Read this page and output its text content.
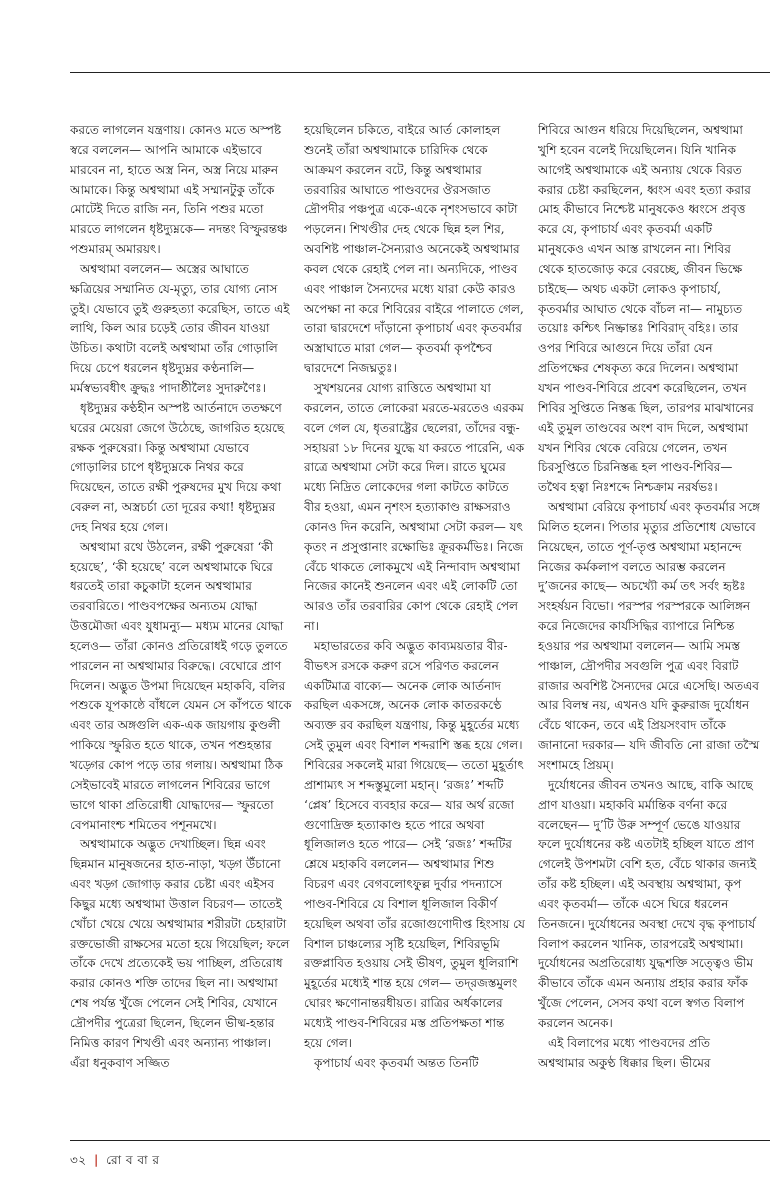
করতে লাগলেন যন্ত্রণায়। কোনও মতে অস্পষ্ট স্বরে বললেন— আপনি আমাকে এইভাবে মারবেন না, হাতে অস্ত্র নিন, অস্ত্র নিয়ে মারুন আমাকে। কিন্তু অশ্বত্থামা এই সম্মানটুকু তাঁকে মোটেই দিতে রাজি নন, তিনি পশুর মতো মারতে লাগলেন ধৃষ্টদ্যুম্নকে— নদন্তং বিস্ফুরন্তঞ্চ পশুমারম্ অমারয়ৎ।

অশ্বত্থামা বললেন— অস্ত্রের আঘাতে ক্ষত্রিয়ের সম্মানিত যে-মৃত্যু, তার যোগ্য নোস তুই। যেভাবে তুই গুরুহত্যা করেছিস, তাতে এই লাথি, কিল আর চড়েই তোর জীবন যাওয়া উচিত। কথাটা বলেই অশ্বত্থামা তাঁর গোড়ালি দিয়ে চেপে ধরলেন ধৃষ্টদ্যুম্নর কণ্ঠনালি—মর্মস্বভ্যবধীৎ ক্রুদ্ধঃ পাদাষ্ঠীলৈঃ সুদারুণৈঃ।

ধৃষ্টদ্যুম্নর কণ্ঠহীন অস্পষ্ট আর্তনাদে ততক্ষণে ঘরের মেয়েরা জেগে উঠেছে, জাগরিত হয়েছে রক্ষক পুরুষেরা। কিন্তু অশ্বত্থামা যেভাবে গোড়ালির চাপে ধৃষ্টদ্যুম্নকে নিথর করে দিয়েছেন, তাতে রক্ষী পুরুষদের মুখ দিয়ে কথা বেরুল না, অস্ত্রচর্চা তো দূরের কথা! ধৃষ্টদ্যুম্নর দেহ নিথর হয়ে গেল।

অশ্বত্থামা রথে উঠলেন, রক্ষী পুরুষেরা ‘কী হয়েছে’, ‘কী হয়েছে’ বলে অশ্বত্থামাকে ঘিরে ধরতেই তারা কচুকাটা হলেন অশ্বত্থামার তরবারিতে। পাণ্ডবপক্ষের অন্যতম যোদ্ধা উত্তমৌজা এবং যুধামন্যু— মধ্যম মানের যোদ্ধা হলেও— তাঁরা কোনও প্রতিরোধই গড়ে তুলতে পারলেন না অশ্বত্থামার বিরুদ্ধে। বেঘোরে প্রাণ দিলেন। অদ্ভুত উপমা দিয়েছেন মহাকবি, বলির পশুকে যূপকাষ্ঠে বাঁধলে যেমন সে কাঁপতে থাকে এবং তার অঙ্গগুলি এক-এক জায়গায় কুণ্ডলী পাকিয়ে স্ফুরিত হতে থাকে, তখন পশুহন্তার খড়্গের কোপ পড়ে তার গলায়। অশ্বত্থামা ঠিক সেইভাবেই মারতে লাগলেন শিবিরের ভাগে ভাগে থাকা প্রতিরোধী যোদ্ধাদের— স্ফুরতো বেপমানাংশ্চ শমিতেব পশূনমখে।

অশ্বত্থামাকে অদ্ভুত দেখাচ্ছিল। ছিন্ন এবং ছিন্নমান মানুষজনের হাত-নাড়া, খড়্গ উঁচানো এবং খড়্গ জোগাড় করার চেষ্টা এবং এইসব কিছুর মধ্যে অশ্বত্থামা উত্তাল বিচরণ— তাতেই খোঁচা খেয়ে খেয়ে অশ্বত্থামার শরীরটা চেহারাটা রক্তভোজী রাক্ষসের মতো হয়ে গিয়েছিল; ফলে তাঁকে দেখে প্রত্যেকেই ভয় পাচ্ছিল, প্রতিরোধ করার কোনও শক্তি তাদের ছিল না। অশ্বত্থামা শেষ পর্যন্ত খুঁজে পেলেন সেই শিবির, যেখানে দ্রৌপদীর পুত্রেরা ছিলেন, ছিলেন ভীষ্ম-হন্তার নিমিত্ত কারণ শিখণ্ডী এবং অন্যান্য পাঞ্চাল। এঁরা ধনুকবাণ সজ্জিত

হয়েছিলেন চকিতে, বাইরে আর্ত কোলাহল শুনেই তাঁরা অশ্বত্থামাকে চারিদিক থেকে আক্রমণ করলেন বটে, কিন্তু অশ্বত্থামার তরবারির আঘাতে পাণ্ডবদের ঔরসজাত দ্রৌপদীর পঞ্চপুত্র একে-একে নৃশংসভাবে কাটা পড়লেন। শিখণ্ডীর দেহ থেকে ছিন্ন হল শির, অবশিষ্ট পাঞ্চাল-সৈন্যরাও অনেকেই অশ্বত্থামার কবল থেকে রেহাই পেল না। অন্যদিকে, পাণ্ডব এবং পাঞ্চাল সৈন্যদের মধ্যে যারা কেউ কারও অপেক্ষা না করে শিবিরের বাইরে পালাতে গেল, তারা দ্বারদেশে দাঁড়ানো কৃপাচার্য এবং কৃতবর্মার অস্ত্রাঘাতে মারা গেল— কৃতবর্মা কৃপশ্চৈব দ্বারদেশে নিজঘ্নতুঃ।

সুখশয়নের যোগ্য রাত্তিতে অশ্বত্থামা যা করলেন, তাতে লোকেরা মরতে-মরতেও এরকম বলে গেল যে, ধৃতরাষ্ট্রের ছেলেরা, তাঁদের বন্ধু-সহায়রা ১৮ দিনের যুদ্ধে যা করতে পারেনি, এক রাত্রে অশ্বত্থামা সেটা করে দিল। রাতে ঘুমের মধ্যে নিদ্রিত লোকেদের গলা কাটতে কাটতে বীর হওয়া, এমন নৃশংস হত্যাকাণ্ড রাক্ষসরাও কোনও দিন করেনি, অশ্বত্থামা সেটা করল— যৎ কৃতং ন প্রসুপ্তানাং রক্ষোভিঃ ক্রূরকর্মভিঃ। নিজে বেঁচে থাকতে লোকমুখে এই নিন্দাবাদ অশ্বত্থামা নিজের কানেই শুনলেন এবং এই লোকটি তো আরও তাঁর তরবারির কোপ থেকে রেহাই পেল না।

মহাভারতের কবি অদ্ভুত কাব্যময়তার বীর-বীভৎস রসকে করুণ রসে পরিণত করলেন একটিমাত্র বাক্যে— অনেক লোক আর্তনাদ করছিল একসঙ্গে, অনেক লোক কাতরকণ্ঠে অব্যক্ত রব করছিল যন্ত্রণায়, কিন্তু মুহূর্তের মধ্যে সেই তুমুল এবং বিশাল শব্দরাশি স্তব্ধ হয়ে গেল। শিবিরের সকলেই মারা গিয়েছে— ততো মুহূর্তাৎ প্রাশাম্যৎ স শব্দস্তুমুলো মহান্‌। ‘রজঃ’ শব্দটি ‘প্লেষ’ হিসেবে ব্যবহার করে— যার অর্থ রজো গুণোদ্রিক্ত হত্যাকাণ্ড হতে পারে অথবা ধূলিজালও হতে পারে— সেই ‘রজঃ’ শব্দটির শ্লেষে মহাকবি বললেন— অশ্বত্থামার শিশু বিচরণ এবং বেগবলোৎফুল্ল দুর্বার পদন্যাসে পাণ্ডব-শিবিরে যে বিশাল ধূলিজাল বিকীর্ণ হয়েছিল অথবা তাঁর রজোগুণোদীপ্ত হিংসায় যে বিশাল চাঞ্চল্যের সৃষ্টি হয়েছিল, শিবিরভূমি রক্তপ্লাবিত হওয়ায় সেই ভীষণ, তুমুল ধূলিরাশি মুহূর্তের মধ্যেই শান্ত হয়ে গেল— তদ্‌রজস্তমুলং ঘোরং ক্ষণোনান্তরধীয়ত। রাত্রির অর্ধকালের মধ্যেই পাণ্ডব-শিবিরের মস্ত প্রতিপক্ষতা শান্ত হয়ে গেল।

কৃপাচার্য এবং কৃতবর্মা অন্তত তিনটি

শিবিরে আগুন ধরিয়ে দিয়েছিলেন, অশ্বত্থামা খুশি হবেন বলেই দিয়েছিলেন। যিনি খানিক আগেই অশ্বত্থামাকে এই অন্যায় থেকে বিরত করার চেষ্টা করছিলেন, ধ্বংস এবং হত্যা করার মোহ কীভাবে নিশ্চেষ্ট মানুষকেও ধ্বংসে প্রবৃত্ত করে যে, কৃপাচার্য এবং কৃতবর্মা একটি মানুষকেও এখন আস্ত রাখলেন না। শিবির থেকে হাতজোড় করে বেরচ্ছে, জীবন ভিক্ষে চাইছে— অথচ একটা লোকও কৃপাচার্য, কৃতবর্মার আঘাত থেকে বাঁচল না— নামুচ্যত তয়োঃ কশ্চিৎ নিষ্ক্রান্তঃ শিবিরাদ্‌ বহিঃ। তার ওপর শিবিরে আগুনে দিয়ে তাঁরা যেন প্রতিপক্ষের শেষকৃত্য করে দিলেন। অশ্বত্থামা যখন পাণ্ডব-শিবিরে প্রবেশ করেছিলেন, তখন শিবির সুপ্তিতে নিস্তব্ধ ছিল, তারপর মাঝখানের এই তুমুল তাণ্ডবের অংশ বাদ দিলে, অশ্বত্থামা যখন শিবির থেকে বেরিয়ে গেলেন, তখন চিরসুপ্তিতে চিরনিস্তব্ধ হল পাণ্ডব-শিবির— তথৈব হত্বা নিঃশব্দে নিশ্চক্রাম নরর্ষভঃ।

অশ্বত্থামা বেরিয়ে কৃপাচার্য এবং কৃতবর্মার সঙ্গে মিলিত হলেন। পিতার মৃত্যুর প্রতিশোধ যেভাবে নিয়েছেন, তাতে পূর্ণ-তৃপ্ত অশ্বত্থামা মহানন্দে নিজের কর্মকলাপ বলতে আরম্ভ করলেন দু’জনের কাছে— অচখ্যৌ কর্ম তৎ সর্বং হৃষ্টঃ সংহর্ষয়ন বিভো। পরস্পর পরস্পরকে আলিঙ্গন করে নিজেদের কার্যসিদ্ধির ব্যাপারে নিশ্চিন্ত হওয়ার পর অশ্বত্থামা বললেন— আমি সমস্ত পাঞ্চাল, দ্রৌপদীর সবগুলি পুত্র এবং বিরাট রাজার অবশিষ্ট সৈন্যদের মেরে এসেছি। অতএব আর বিলম্ব নয়, এখনও যদি কুরুরাজ দুর্যোধন বেঁচে থাকেন, তবে এই প্রিয়সংবাদ তাঁকে জানানো দরকার— যদি জীবতি নো রাজা তস্মৈ সংশামহে প্রিয়ম্‌।

দুর্যোধনের জীবন তখনও আছে, বাকি আছে প্রাণ যাওয়া। মহাকবি মর্মান্তিক বর্ণনা করে বলেছেন— দু’টি উরু সম্পূর্ণ ভেঙে যাওয়ার ফলে দুর্যোধনের কষ্ট এতটাই হচ্ছিল যাতে প্রাণ গেলেই উপশমটা বেশি হত, বেঁচে থাকার জন্যই তাঁর কষ্ট হচ্ছিল। এই অবস্থায় অশ্বত্থামা, কৃপ এবং কৃতবর্মা— তাঁকে এসে ঘিরে ধরলেন তিনজনে। দুর্যোধনের অবস্থা দেখে বৃদ্ধ কৃপাচার্য বিলাপ করলেন খানিক, তারপরেই অশ্বত্থামা। দুর্যোধনের অপ্রতিরোধ্য যুদ্ধশক্তি সত্ত্বেও ভীম কীভাবে তাঁকে এমন অন্যায় প্রহার করার ফাঁক খুঁজে পেলেন, সেসব কথা বলে স্বগত বিলাপ করলেন অনেক।

এই বিলাপের মধ্যে পাণ্ডবদের প্রতি অশ্বত্থামার অকুণ্ঠ ধিক্কার ছিল। ভীমের

৩২ | রো ব বা র
